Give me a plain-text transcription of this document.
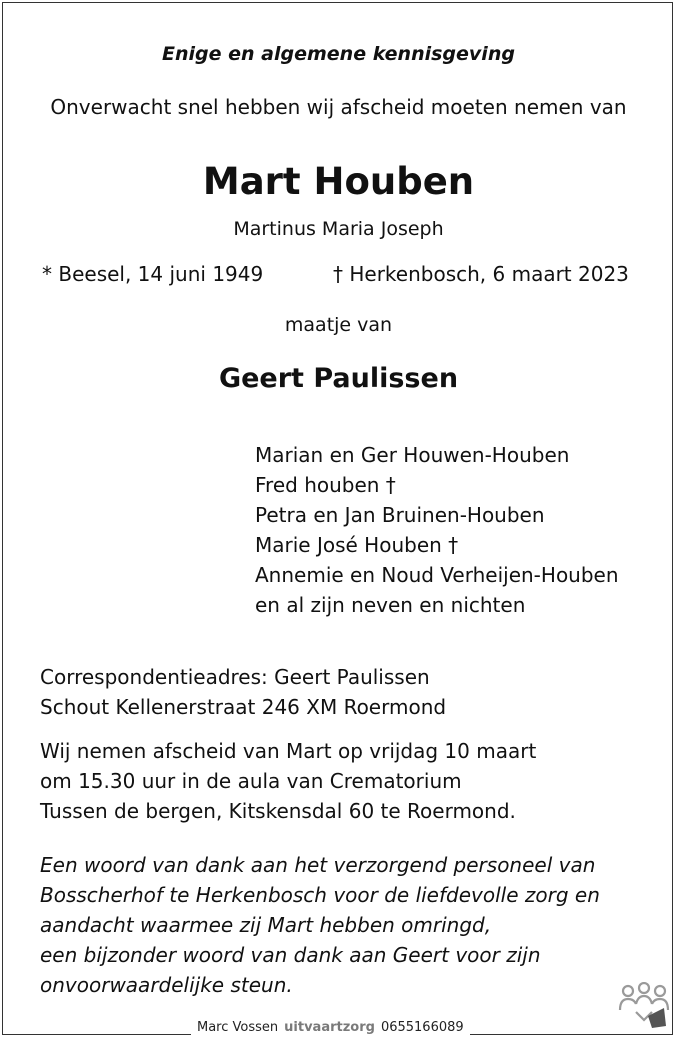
Enige en algemene kennisgeving
Onverwacht snel hebben wij afscheid moeten nemen van
Mart Houben
Martinus Maria Joseph
* Beesel, 14 juni 1949	† Herkenbosch, 6 maart 2023
maatje van
Geert Paulissen
Marian en Ger Houwen-Houben
Fred houben †
Petra en Jan Bruinen-Houben
Marie José Houben †
Annemie en Noud Verheijen-Houben
en al zijn neven en nichten
Correspondentieadres: Geert Paulissen
Schout Kellenerstraat 246 XM Roermond
Wij nemen afscheid van Mart op vrijdag 10 maart
om 15.30 uur in de aula van Crematorium
Tussen de bergen, Kitskensdal 60 te Roermond.
Een woord van dank aan het verzorgend personeel van
Bosscherhof te Herkenbosch voor de liefdevolle zorg en
aandacht waarmee zij Mart hebben omringd,
een bijzonder woord van dank aan Geert voor zijn
onvoorwaardelijke steun.
Marc Vossen uitvaartzorg 0655166089
